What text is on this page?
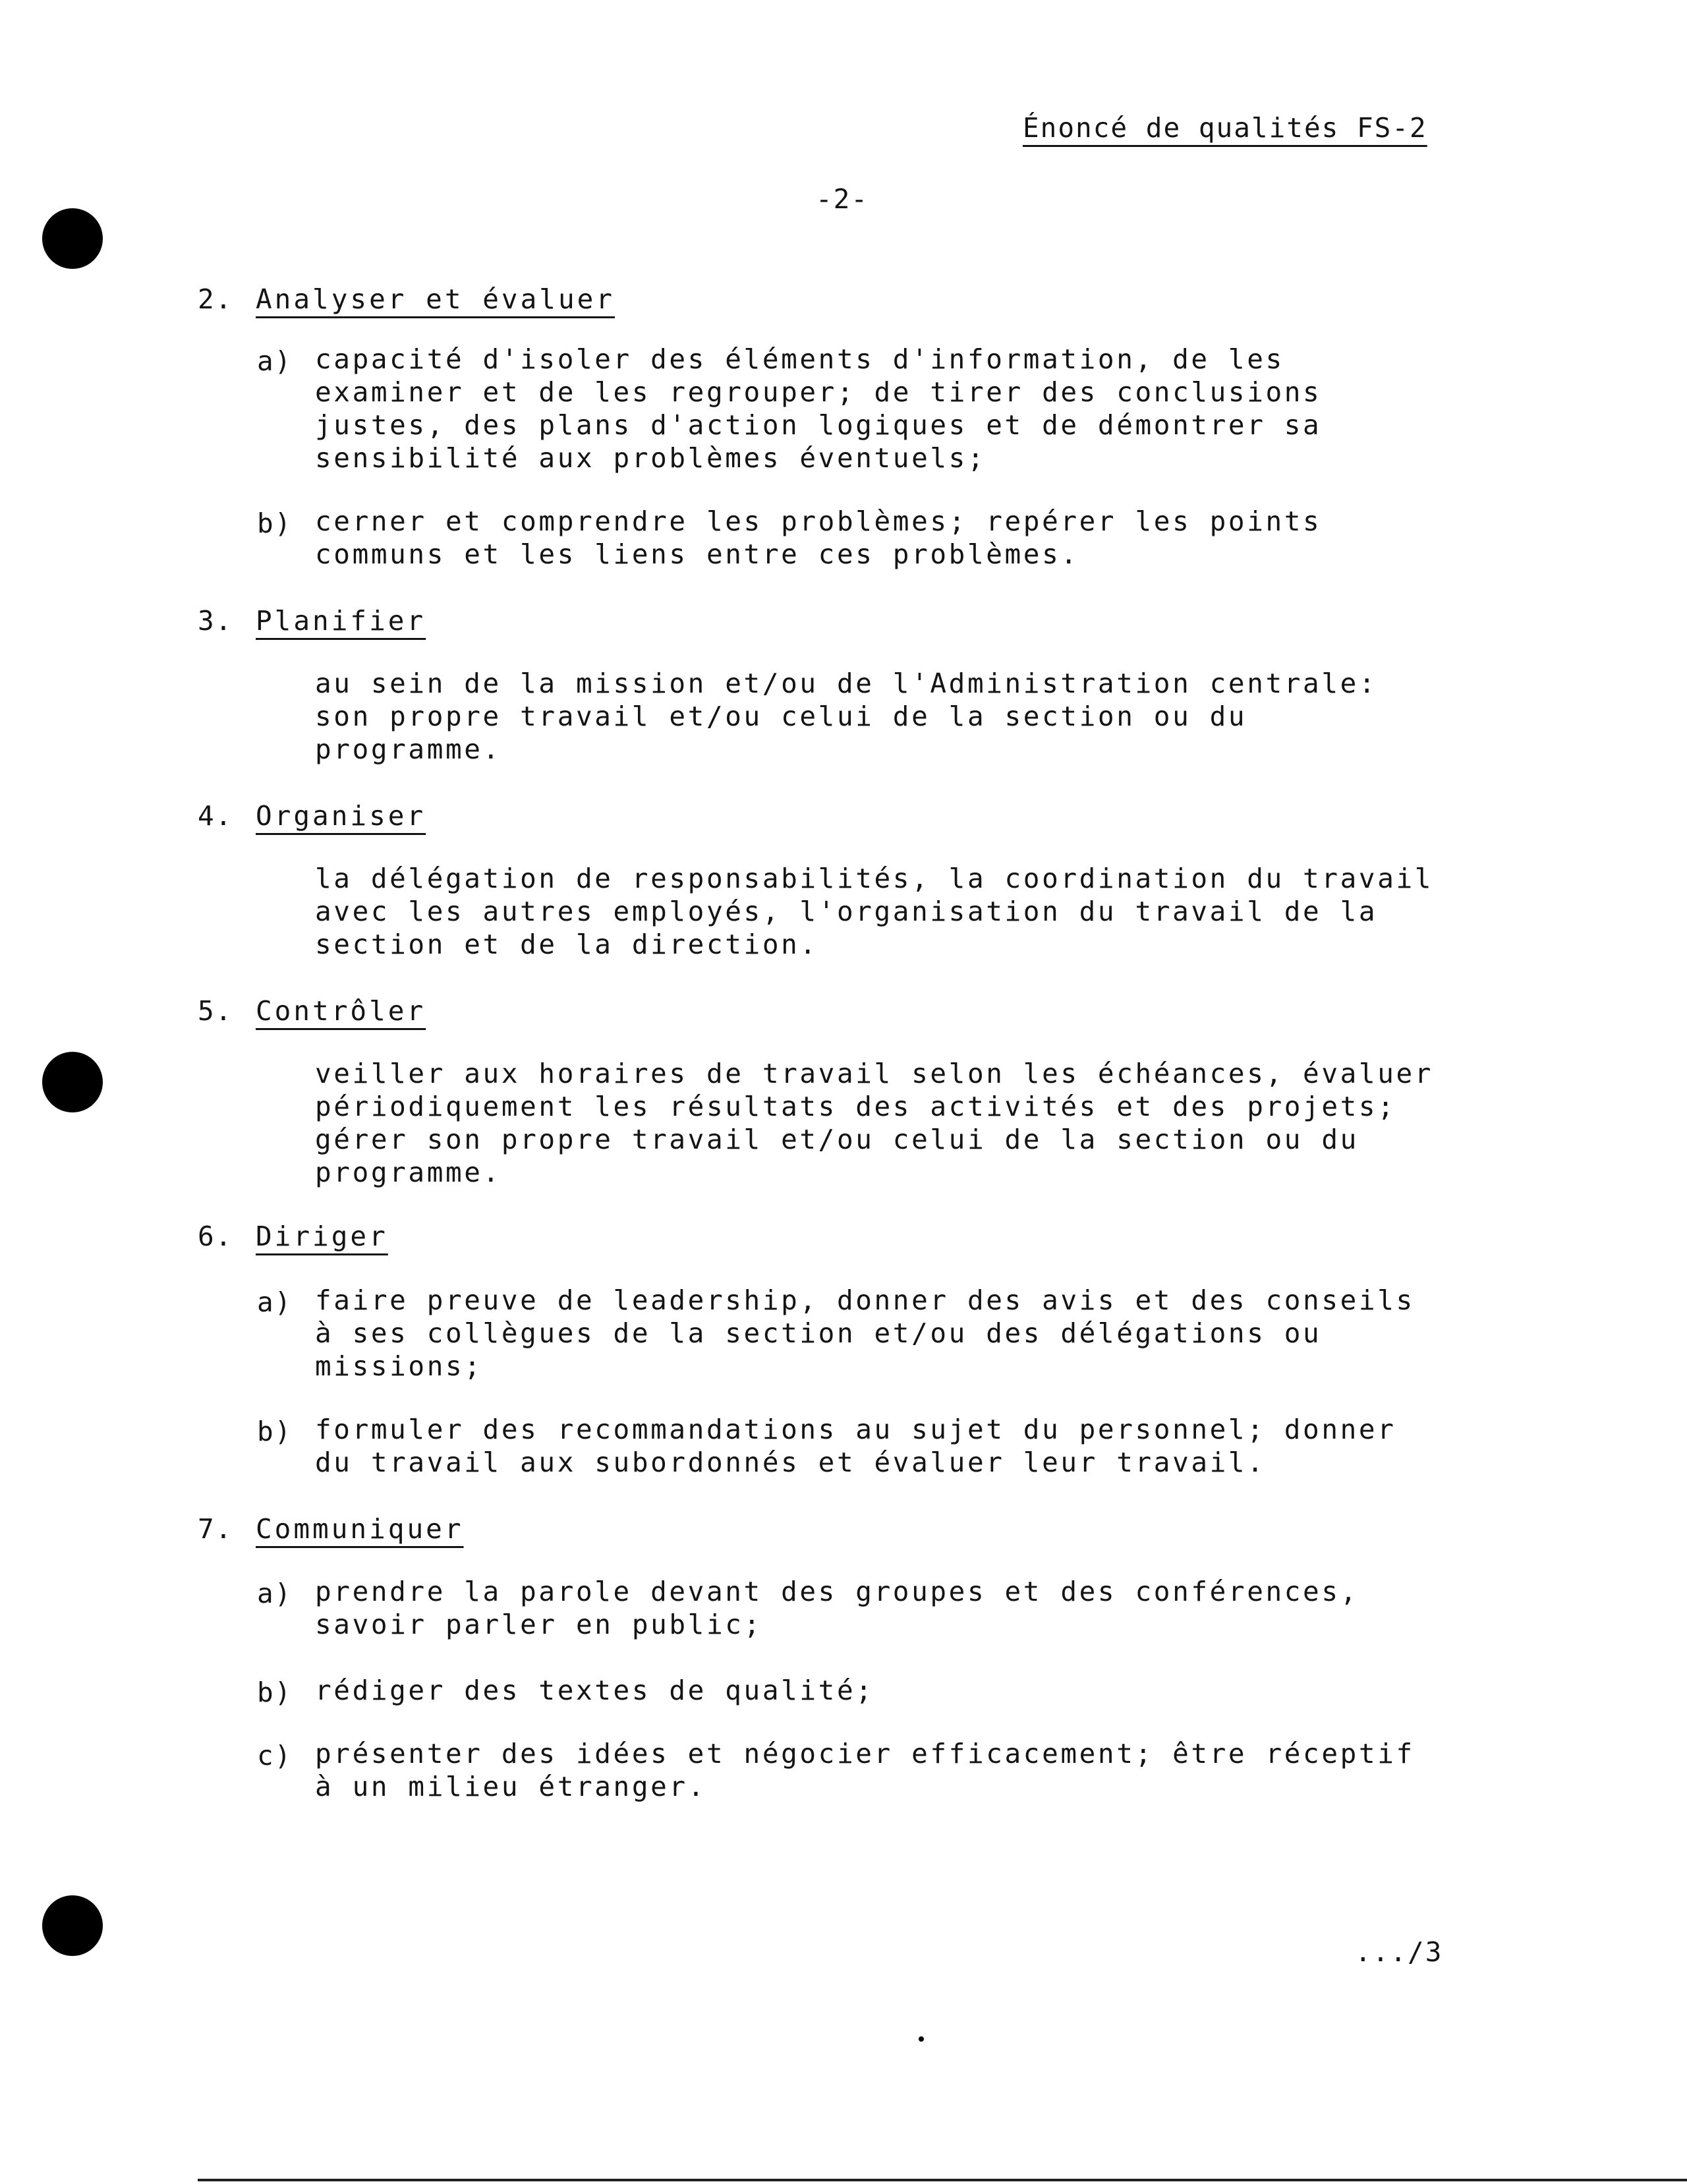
Énoncé de qualités FS-2
-2-
2. Analyser et évaluer
a) capacité d'isoler des éléments d'information, de les
examiner et de les regrouper; de tirer des conclusions
justes, des plans d'action logiques et de démontrer sa
sensibilité aux problèmes éventuels;
b) cerner et comprendre les problèmes; repérer les points
communs et les liens entre ces problèmes.
3. Planifier
au sein de la mission et/ou de l'Administration centrale:
son propre travail et/ou celui de la section ou du
programme.
4. Organiser
la délégation de responsabilités, la coordination du travail
avec les autres employés, l'organisation du travail de la
section et de la direction.
5. Contrôler
veiller aux horaires de travail selon les échéances, évaluer
périodiquement les résultats des activités et des projets;
gérer son propre travail et/ou celui de la section ou du
programme.
6. Diriger
a) faire preuve de leadership, donner des avis et des conseils
à ses collègues de la section et/ou des délégations ou
missions;
b) formuler des recommandations au sujet du personnel; donner
du travail aux subordonnés et évaluer leur travail.
7. Communiquer
a) prendre la parole devant des groupes et des conférences,
savoir parler en public;
b) rédiger des textes de qualité;
c) présenter des idées et négocier efficacement; être réceptif
à un milieu étranger.
.../3
